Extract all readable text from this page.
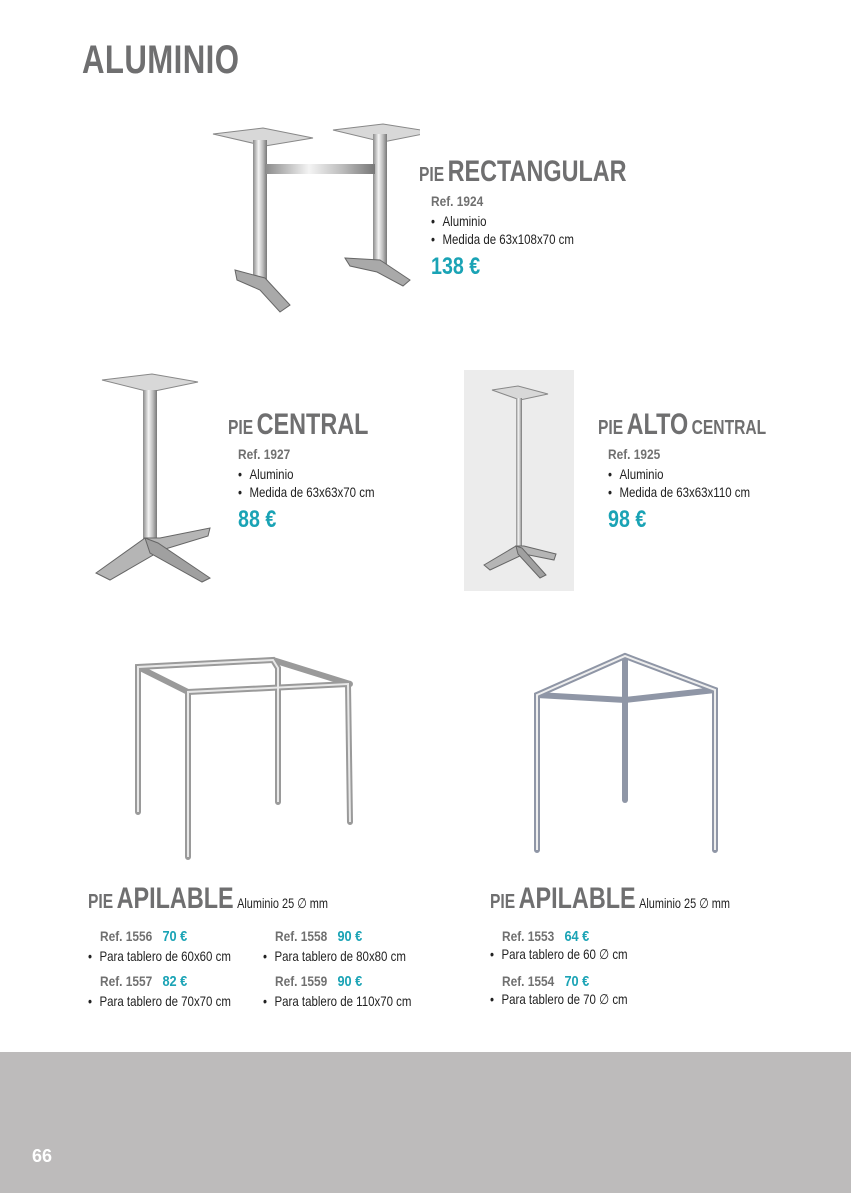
ALUMINIO
PIE RECTANGULAR
Ref. 1924
• Aluminio
• Medida de 63x108x70 cm
138 €
PIE CENTRAL
Ref. 1927
• Aluminio
• Medida de 63x63x70 cm
88 €
PIE ALTO CENTRAL
Ref. 1925
• Aluminio
• Medida de 63x63x110 cm
98 €
PIE APILABLE Aluminio 25 ∅ mm
Ref. 1556 70 €
• Para tablero de 60x60 cm
Ref. 1557 82 €
• Para tablero de 70x70 cm
Ref. 1558 90 €
• Para tablero de 80x80 cm
Ref. 1559 90 €
• Para tablero de 110x70 cm
PIE APILABLE Aluminio 25 ∅ mm
Ref. 1553 64 €
• Para tablero de 60 ∅ cm
Ref. 1554 70 €
• Para tablero de 70 ∅ cm
66
